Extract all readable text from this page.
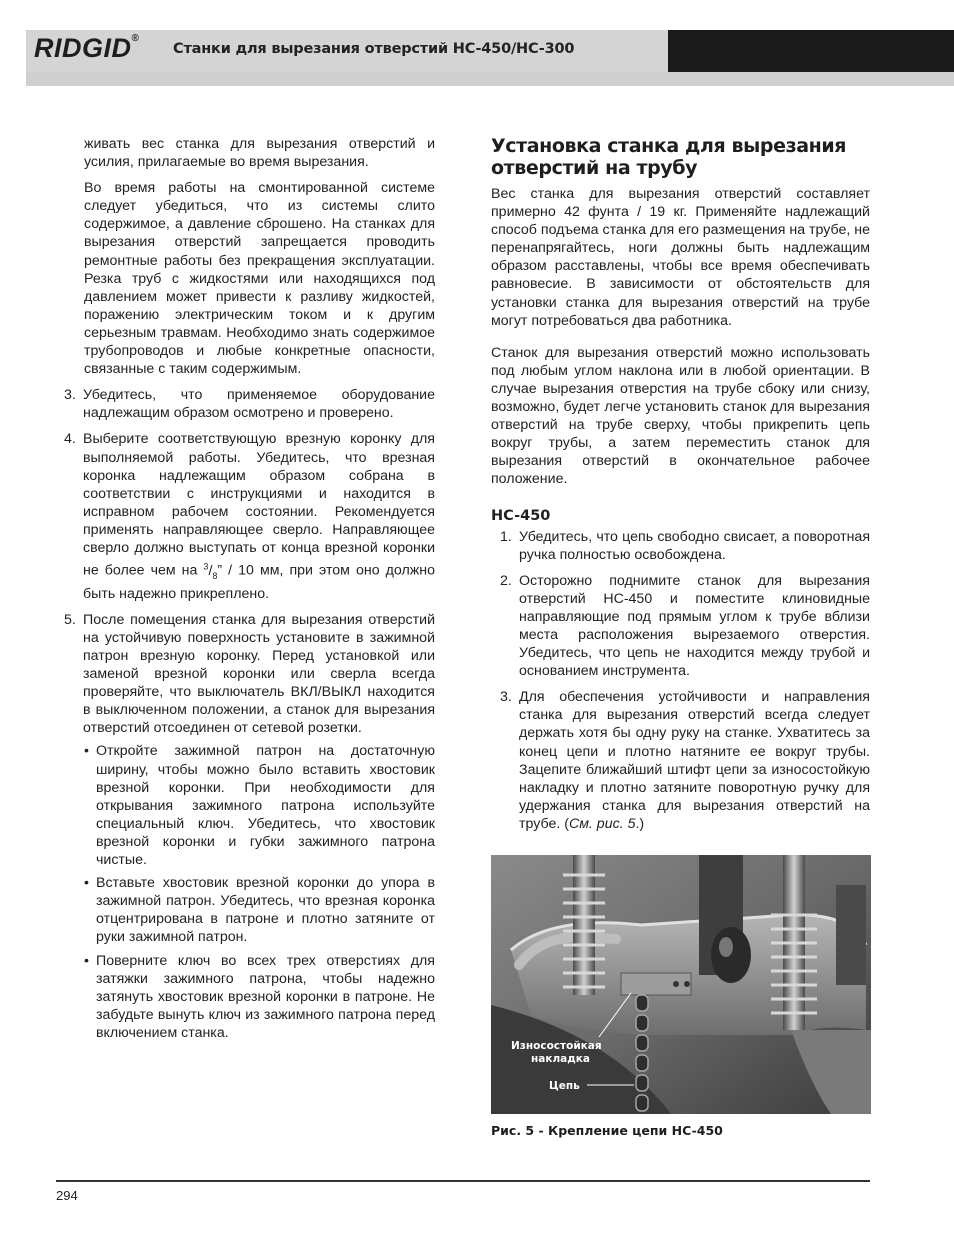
RIDGID®
Станки для вырезания отверстий HC-450/HC-300
живать вес станка для вырезания отверстий и усилия, прилагаемые во время вырезания.
Во время работы на смонтированной системе следует убедиться, что из системы слито содержимое, а давление сброшено. На станках для вырезания отверстий запрещается проводить ремонтные работы без прекращения эксплуатации. Резка труб с жидкостями или находящихся под давлением может привести к разливу жидкостей, поражению электрическим током и к другим серьезным травмам. Необходимо знать содержимое трубопроводов и любые конкретные опасности, связанные с таким содержимым.
3. Убедитесь, что применяемое оборудование надлежащим образом осмотрено и проверено.
4. Выберите соответствующую врезную коронку для выполняемой работы. Убедитесь, что врезная коронка надлежащим образом собрана в соответствии с инструкциями и находится в исправном рабочем состоянии. Рекомендуется применять направляющее сверло. Направляющее сверло должно выступать от конца врезной коронки не более чем на $^3/_8$” / 10 мм, при этом оно должно быть надежно прикреплено.
5. После помещения станка для вырезания отверстий на устойчивую поверхность установите в зажимной патрон врезную коронку. Перед установкой или заменой врезной коронки или сверла всегда проверяйте, что выключатель ВКЛ/ВЫКЛ находится в выключенном положении, а станок для вырезания отверстий отсоединен от сетевой розетки.
• Откройте зажимной патрон на достаточную ширину, чтобы можно было вставить хвостовик врезной коронки. При необходимости для открывания зажимного патрона используйте специальный ключ. Убедитесь, что хвостовик врезной коронки и губки зажимного патрона чистые.
• Вставьте хвостовик врезной коронки до упора в зажимной патрон. Убедитесь, что врезная коронка отцентрирована в патроне и плотно затяните от руки зажимной патрон.
• Поверните ключ во всех трех отверстиях для затяжки зажимного патрона, чтобы надежно затянуть хвостовик врезной коронки в патроне. Не забудьте вынуть ключ из зажимного патрона перед включением станка.
Установка станка для вырезания отверстий на трубу
Вес станка для вырезания отверстий составляет примерно 42 фунта / 19 кг. Применяйте надлежащий способ подъема станка для его размещения на трубе, не перенапрягайтесь, ноги должны быть надлежащим образом расставлены, чтобы все время обеспечивать равновесие. В зависимости от обстоятельств для установки станка для вырезания отверстий на трубе могут потребоваться два работника.
Станок для вырезания отверстий можно использовать под любым углом наклона или в любой ориентации. В случае вырезания отверстия на трубе сбоку или снизу, возможно, будет легче установить станок для вырезания отверстий на трубе сверху, чтобы прикрепить цепь вокруг трубы, а затем переместить станок для вырезания отверстий в окончательное рабочее положение.
HC-450
1. Убедитесь, что цепь свободно свисает, а поворотная ручка полностью освобождена.
2. Осторожно поднимите станок для вырезания отверстий HC-450 и поместите клиновидные направляющие под прямым углом к трубе вблизи места расположения вырезаемого отверстия. Убедитесь, что цепь не находится между трубой и основанием инструмента.
3. Для обеспечения устойчивости и направления станка для вырезания отверстий всегда следует держать хотя бы одну руку на станке. Ухватитесь за конец цепи и плотно натяните ее вокруг трубы. Зацепите ближайший штифт цепи за износостойкую накладку и плотно затяните поворотную ручку для удержания станка для вырезания отверстий на трубе. (См. рис. 5.)
Износостойкая
накладка
Цепь
Рис. 5 - Крепление цепи HC-450
294
